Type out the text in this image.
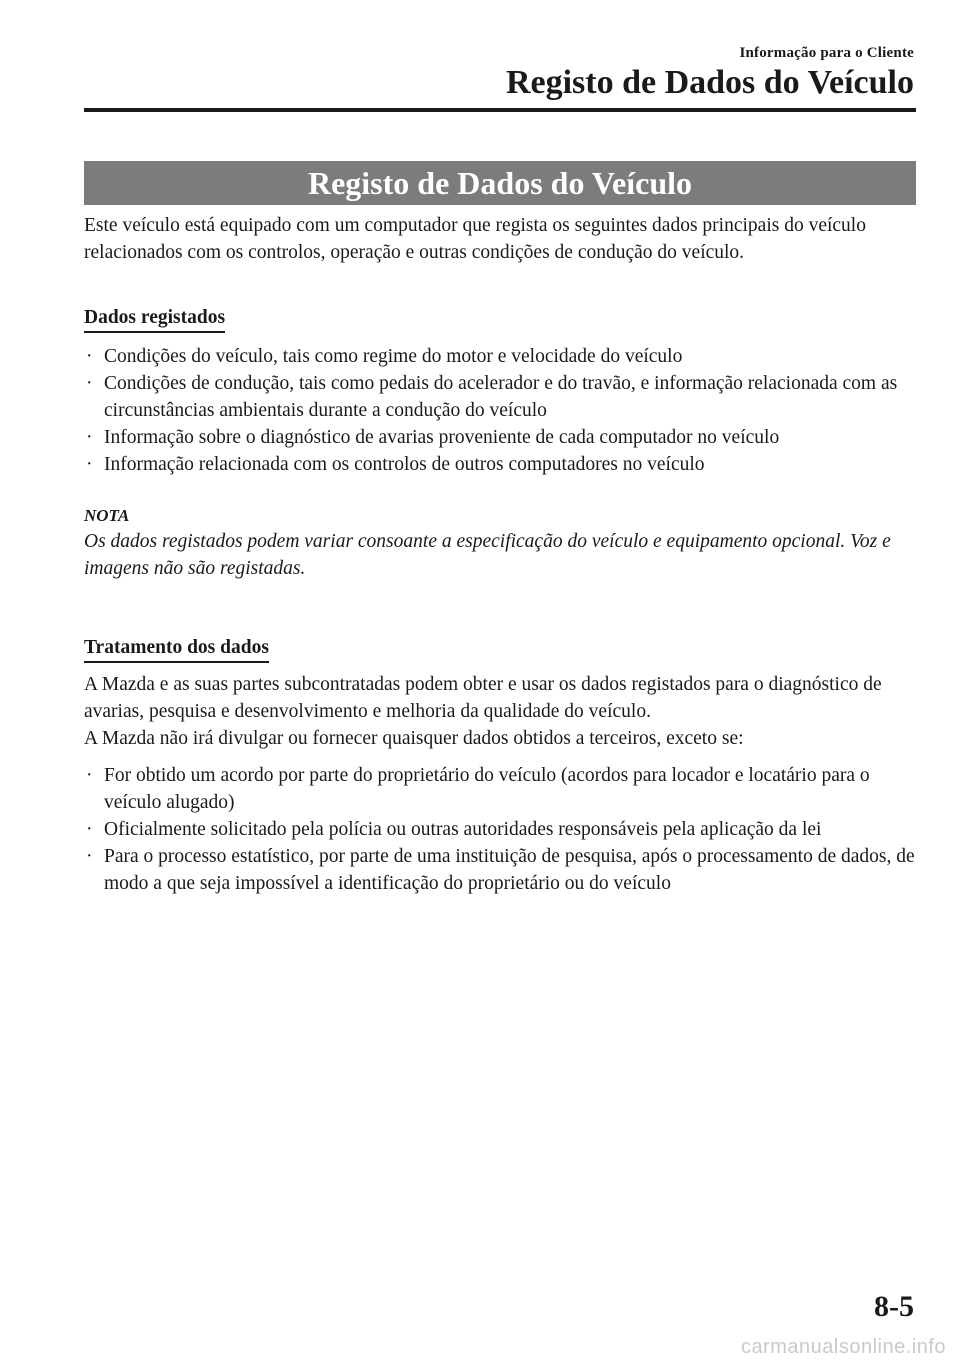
Informação para o Cliente
Registo de Dados do Veículo
Registo de Dados do Veículo

Este veículo está equipado com um computador que regista os seguintes dados principais do veículo relacionados com os controlos, operação e outras condições de condução do veículo.

Dados registados
· Condições do veículo, tais como regime do motor e velocidade do veículo
· Condições de condução, tais como pedais do acelerador e do travão, e informação relacionada com as circunstâncias ambientais durante a condução do veículo
· Informação sobre o diagnóstico de avarias proveniente de cada computador no veículo
· Informação relacionada com os controlos de outros computadores no veículo
NOTA

Os dados registados podem variar consoante a especificação do veículo e equipamento opcional. Voz e imagens não são registadas.

Tratamento dos dados

A Mazda e as suas partes subcontratadas podem obter e usar os dados registados para o diagnóstico de avarias, pesquisa e desenvolvimento e melhoria da qualidade do veículo.

A Mazda não irá divulgar ou fornecer quaisquer dados obtidos a terceiros, exceto se:

· For obtido um acordo por parte do proprietário do veículo (acordos para locador e locatário para o veículo alugado)
· Oficialmente solicitado pela polícia ou outras autoridades responsáveis pela aplicação da lei
· Para o processo estatístico, por parte de uma instituição de pesquisa, após o processamento de dados, de modo a que seja impossível a identificação do proprietário ou do veículo
8-5
carmanualsonline.info
